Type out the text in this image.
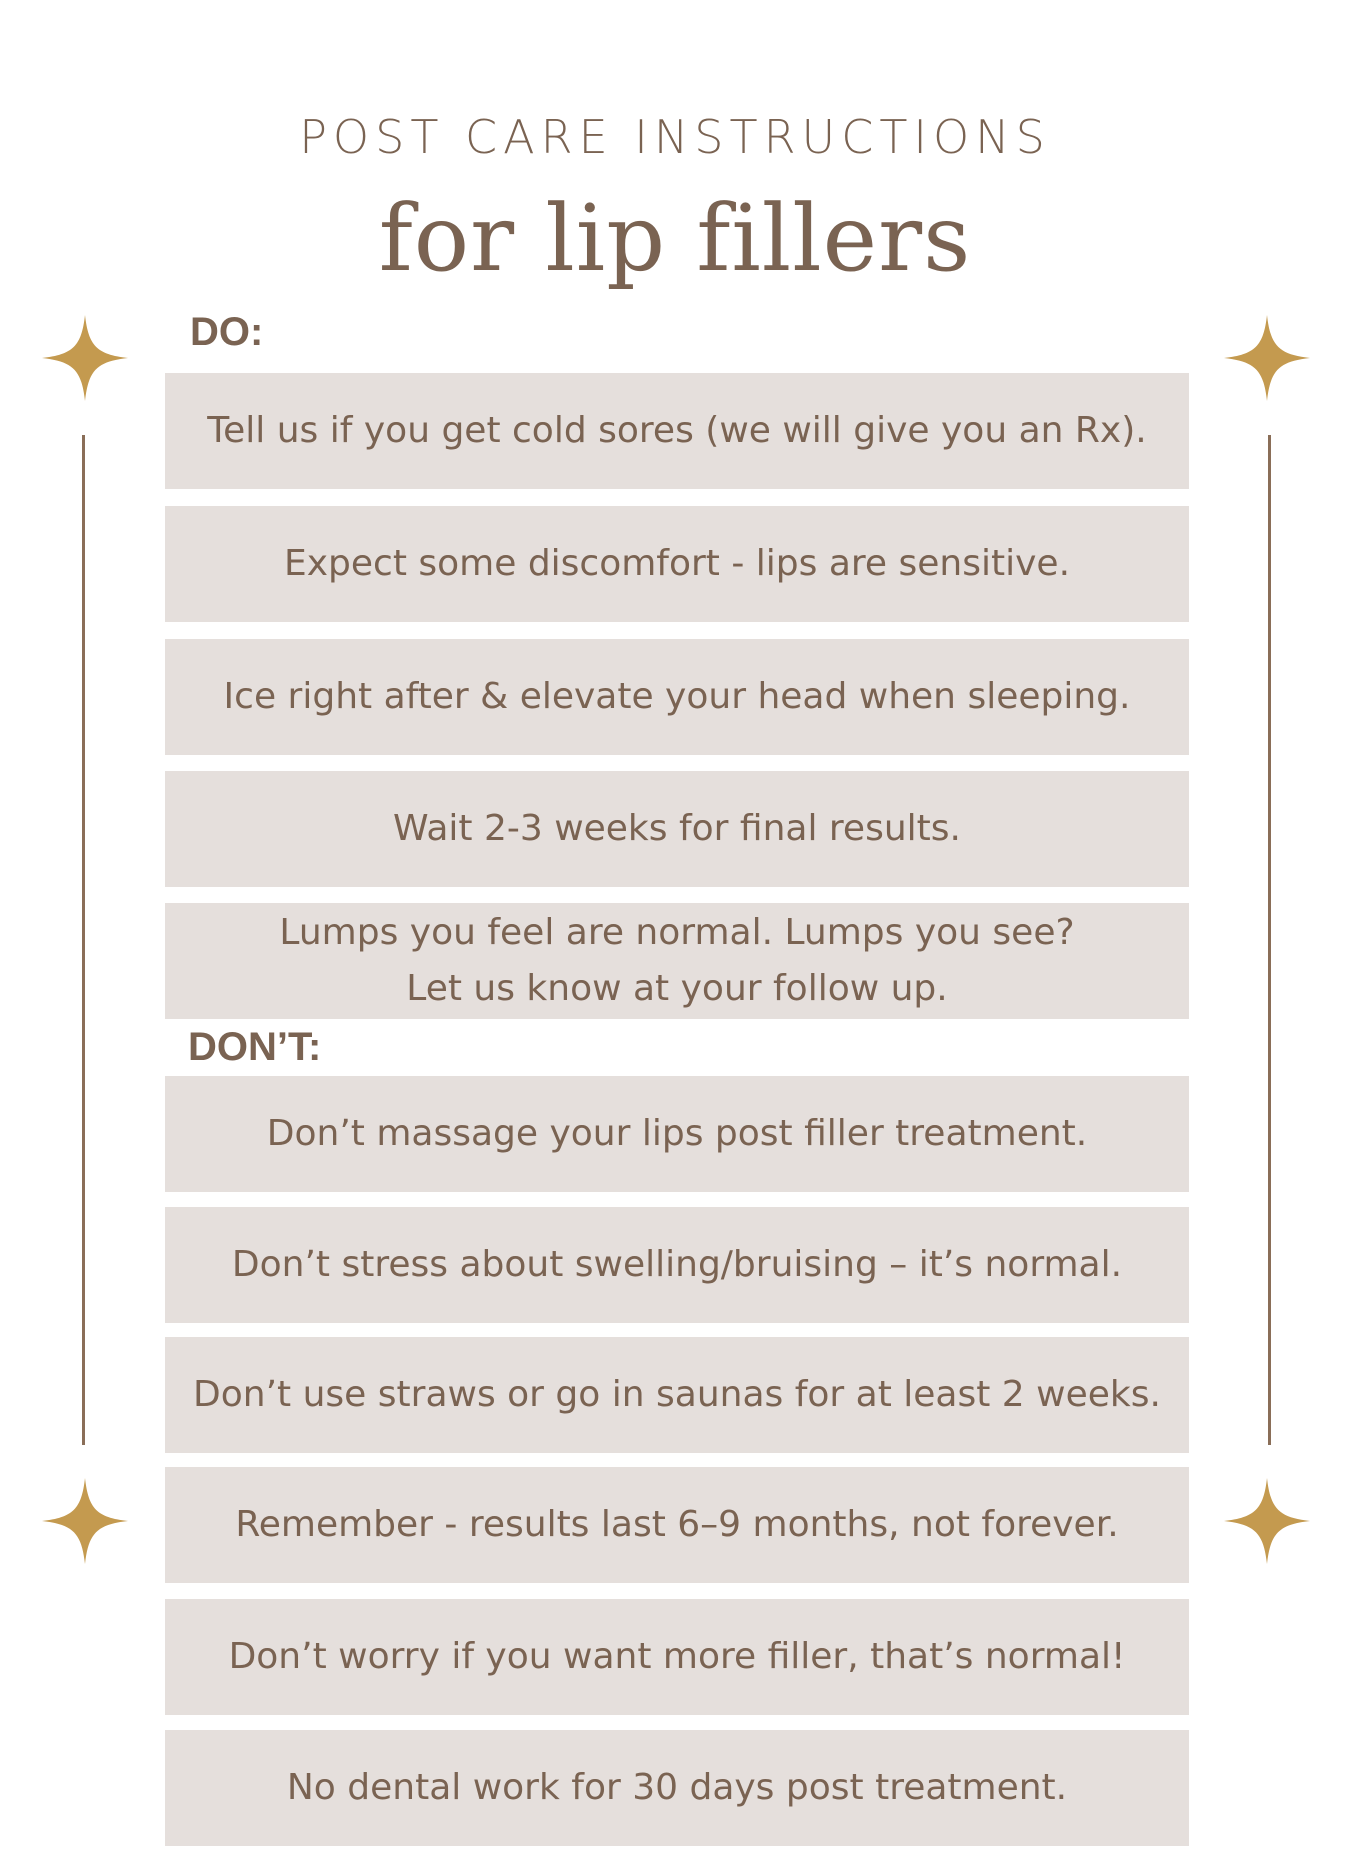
POST CARE INSTRUCTIONS
for lip fillers
DO:
Tell us if you get cold sores (we will give you an Rx).
Expect some discomfort - lips are sensitive.
Ice right after & elevate your head when sleeping.
Wait 2-3 weeks for final results.
Lumps you feel are normal. Lumps you see?
Let us know at your follow up.
DON’T:
Don’t massage your lips post filler treatment.
Don’t stress about swelling/bruising – it’s normal.
Don’t use straws or go in saunas for at least 2 weeks.
Remember - results last 6–9 months, not forever.
Don’t worry if you want more filler, that’s normal!
No dental work for 30 days post treatment.
